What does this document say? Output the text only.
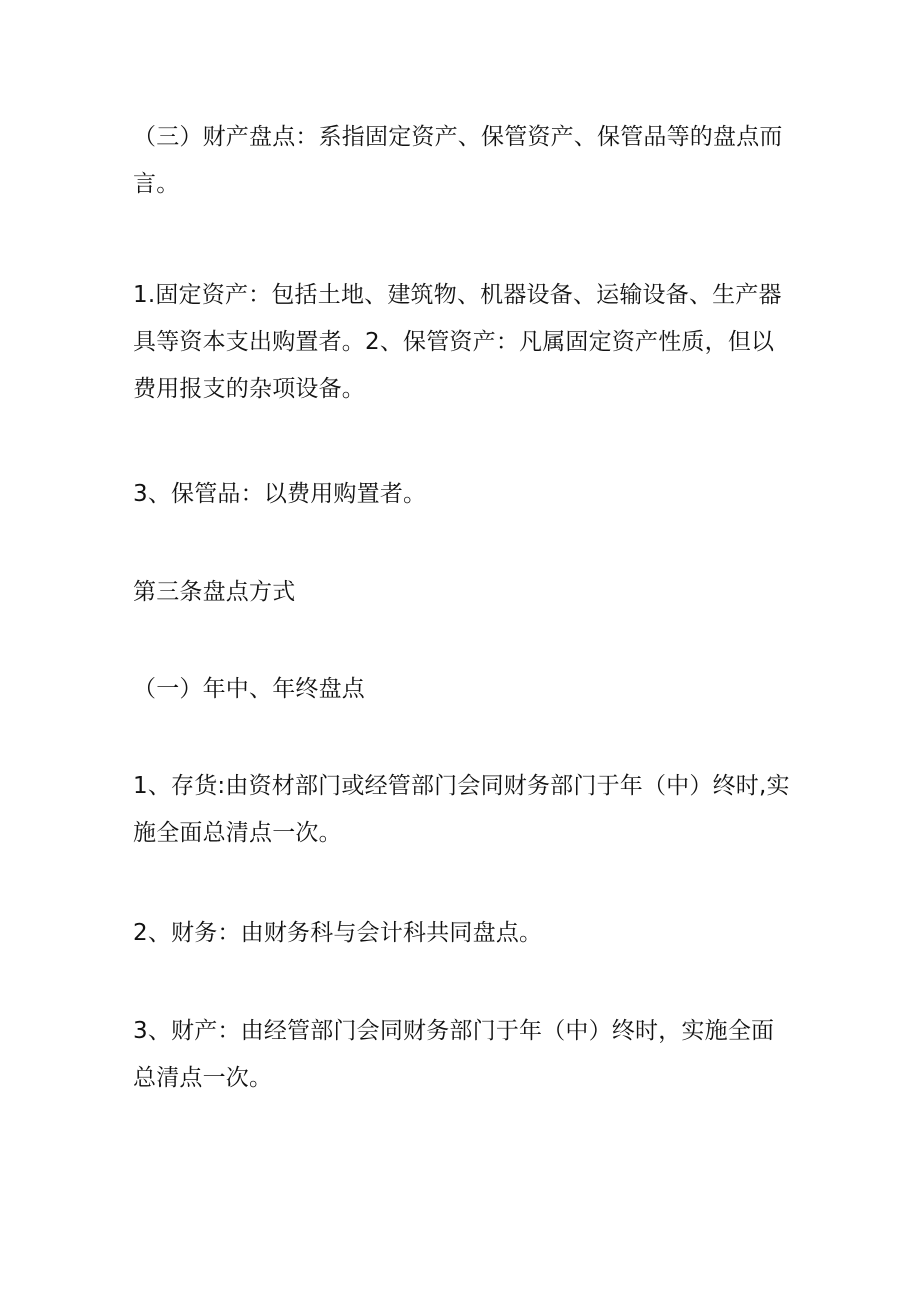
（三）财产盘点：系指固定资产、保管资产、保管品等的盘点而言。

1.固定资产：包括土地、建筑物、机器设备、运输设备、生产器具等资本支出购置者。2、保管资产：凡属固定资产性质，但以费用报支的杂项设备。

3、保管品：以费用购置者。

第三条盘点方式

（一）年中、年终盘点

1、存货:由资材部门或经管部门会同财务部门于年（中）终时,实施全面总清点一次。

2、财务：由财务科与会计科共同盘点。

3、财产：由经管部门会同财务部门于年（中）终时，实施全面总清点一次。
